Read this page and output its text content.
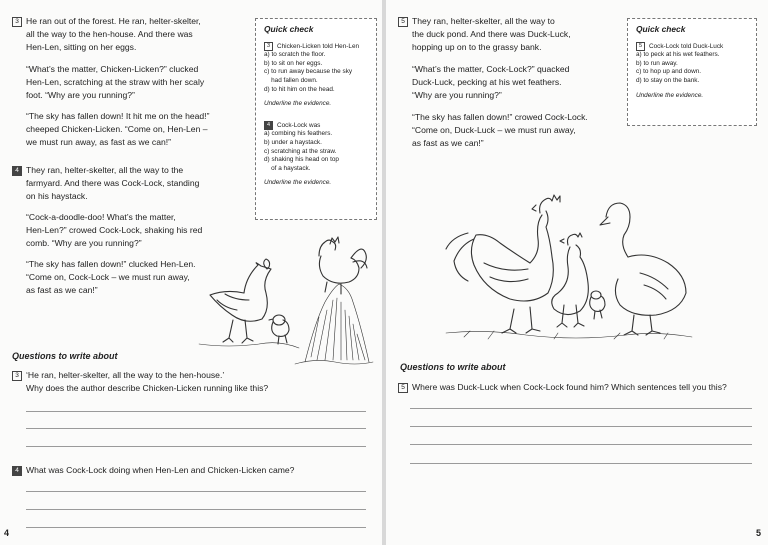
3 He ran out of the forest. He ran, helter-skelter,
all the way to the hen-house. And there was
Hen-Len, sitting on her eggs.
“What’s the matter, Chicken-Licken?” clucked
Hen-Len, scratching at the straw with her scaly
foot. “Why are you running?”
“The sky has fallen down! It hit me on the head!”
cheeped Chicken-Licken. “Come on, Hen-Len –
we must run away, as fast as we can!”
4 They ran, helter-skelter, all the way to the
farmyard. And there was Cock-Lock, standing
on his haystack.
“Cock-a-doodle-doo! What’s the matter,
Hen-Len?” crowed Cock-Lock, shaking his red
comb. “Why are you running?”
“The sky has fallen down!” clucked Hen-Len.
“Come on, Cock-Lock – we must run away,
as fast as we can!”
Quick check
3 Chicken-Licken told Hen-Len
a) to scratch the floor.
b) to sit on her eggs.
c) to run away because the sky
had fallen down.
d) to hit him on the head.
Underline the evidence.
4 Cock-Lock was
a) combing his feathers.
b) under a haystack.
c) scratching at the straw.
d) shaking his head on top
of a haystack.
Underline the evidence.
Questions to write about
3 ‘He ran, helter-skelter, all the way to the hen-house.’
Why does the author describe Chicken-Licken running like this?
4 What was Cock-Lock doing when Hen-Len and Chicken-Licken came?
4
5 They ran, helter-skelter, all the way to
the duck pond. And there was Duck-Luck,
hopping up on to the grassy bank.
“What’s the matter, Cock-Lock?” quacked
Duck-Luck, pecking at his wet feathers.
“Why are you running?”
“The sky has fallen down!” crowed Cock-Lock.
“Come on, Duck-Luck – we must run away,
as fast as we can!”
Quick check
5 Cock-Lock told Duck-Luck
a) to peck at his wet feathers.
b) to run away.
c) to hop up and down.
d) to stay on the bank.
Underline the evidence.
Questions to write about
5 Where was Duck-Luck when Cock-Lock found him? Which sentences tell you this?
5
